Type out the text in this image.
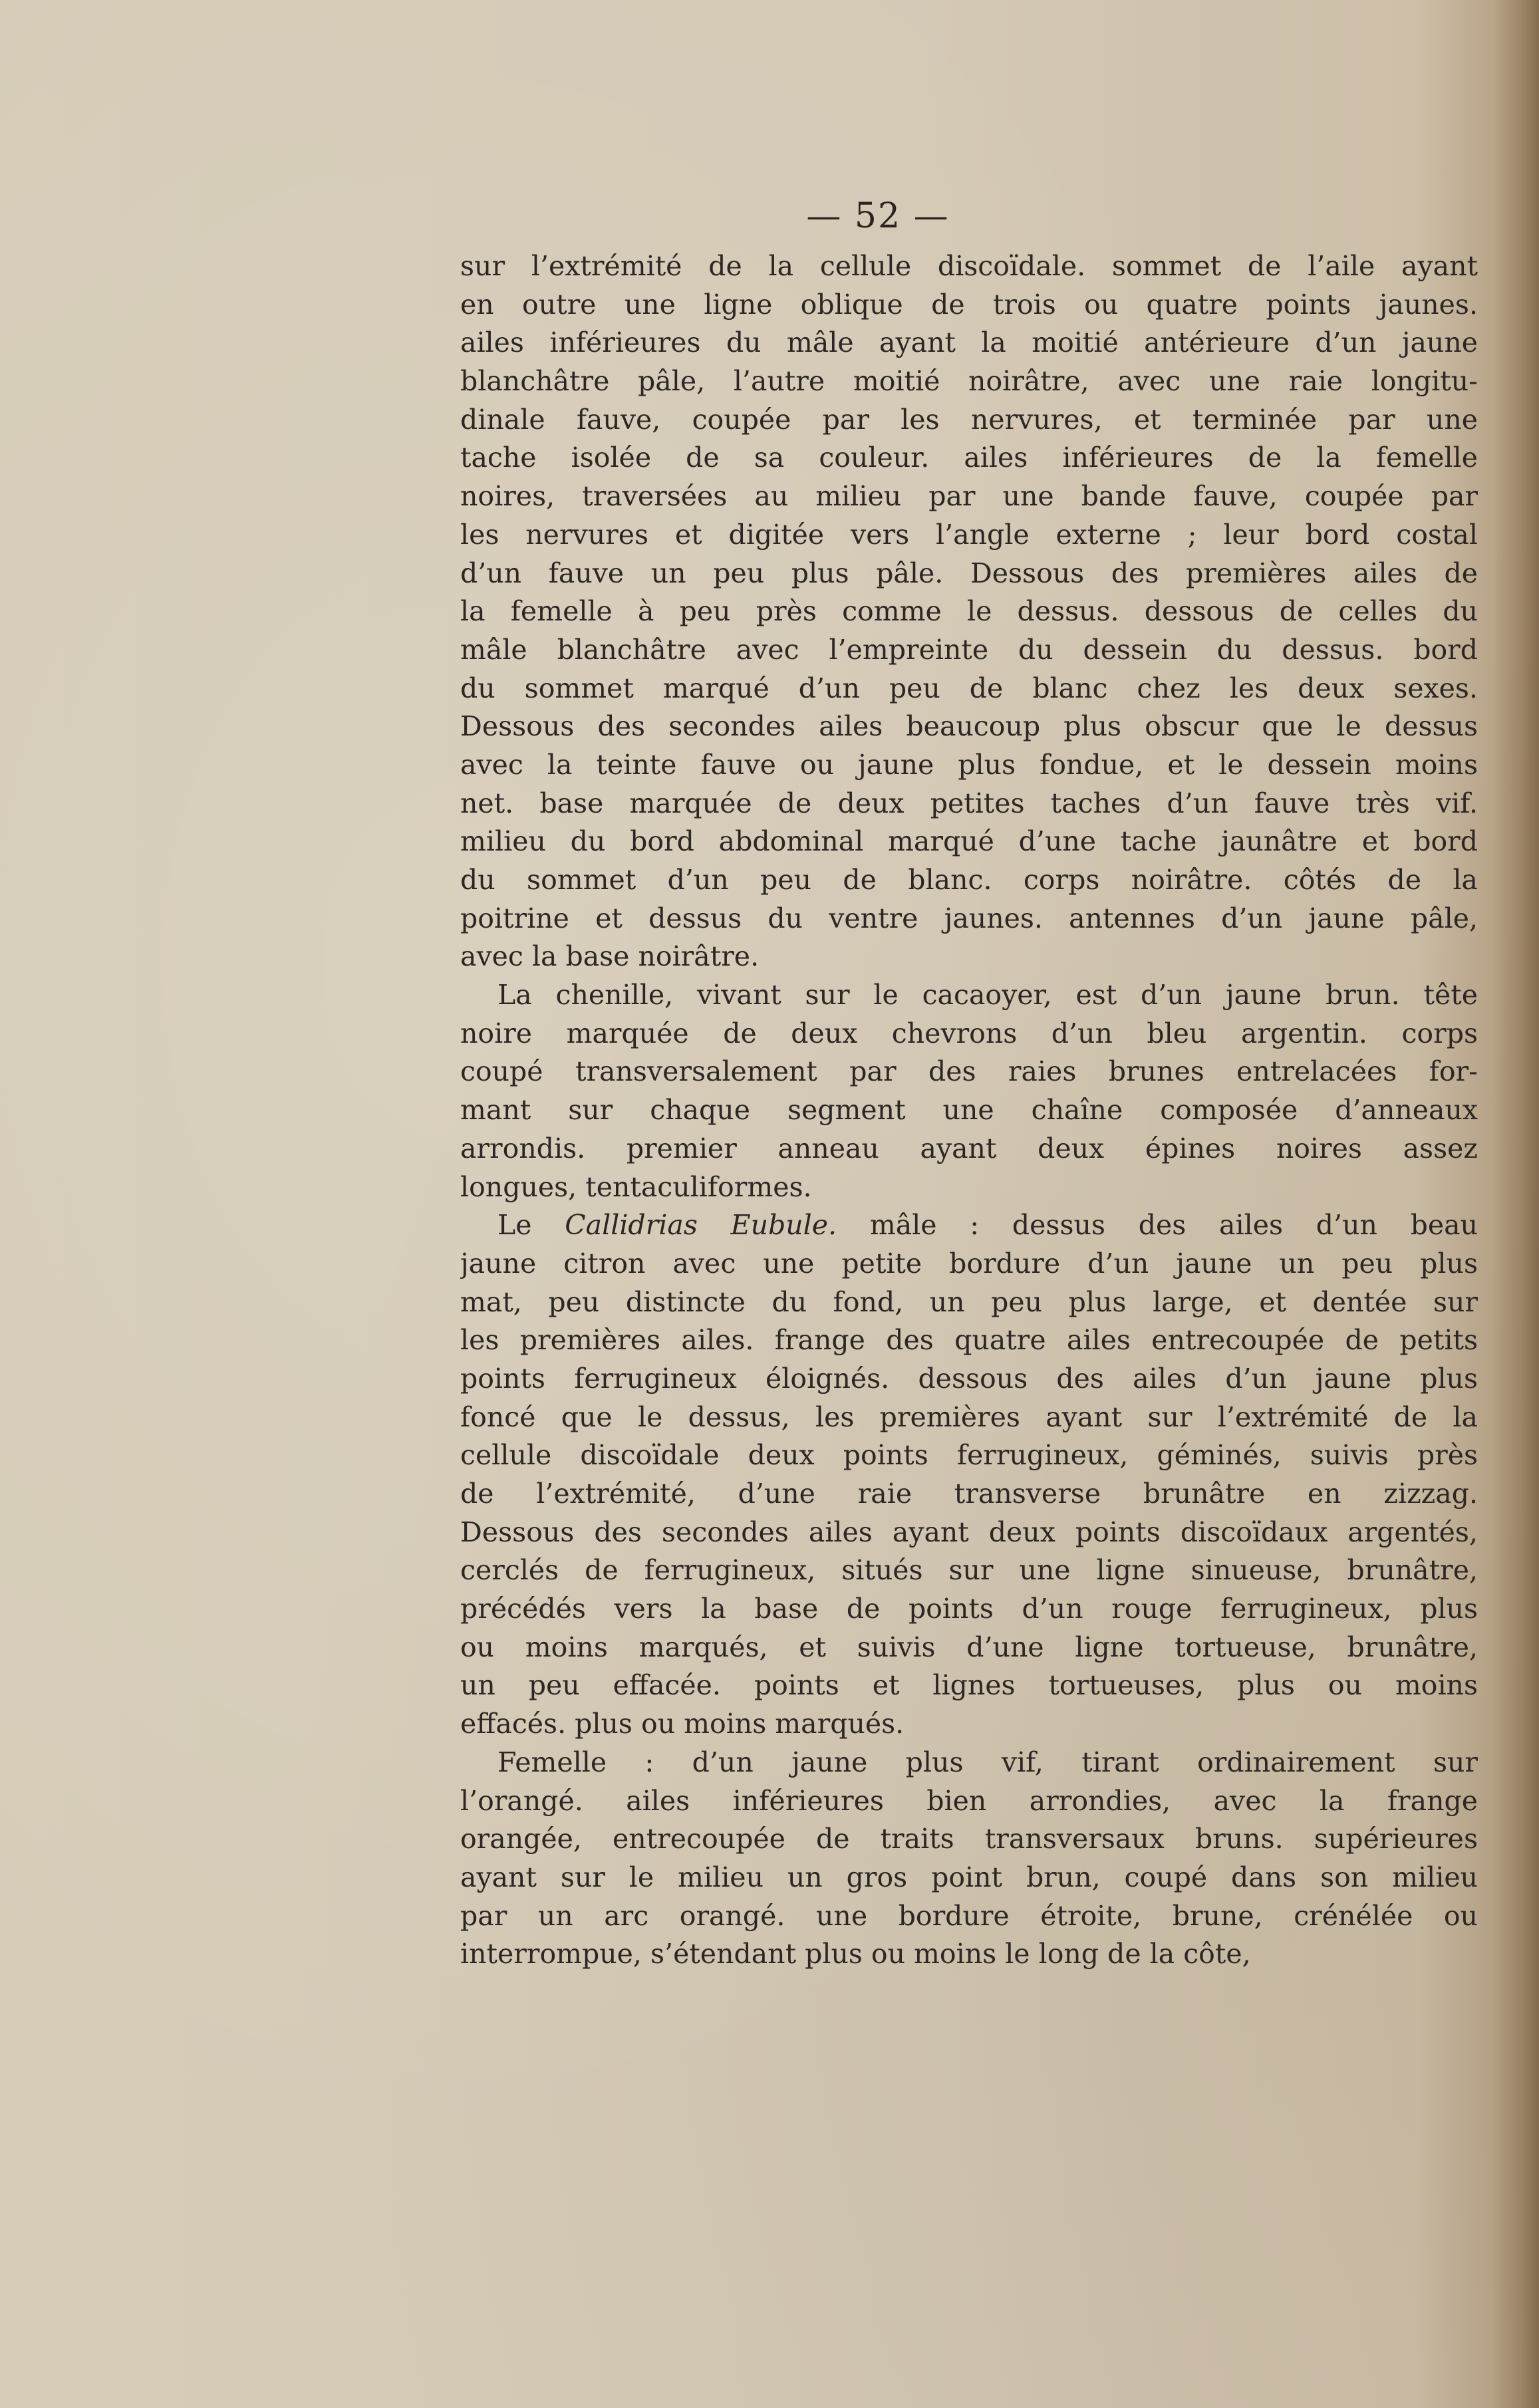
— 52 —
sur l’extrémité de la cellule discoïdale. sommet de l’aile ayant
en outre une ligne oblique de trois ou quatre points jaunes.
ailes inférieures du mâle ayant la moitié antérieure d’un jaune
blanchâtre pâle, l’autre moitié noirâtre, avec une raie longitu-
dinale fauve, coupée par les nervures, et terminée par une
tache isolée de sa couleur. ailes inférieures de la femelle
noires, traversées au milieu par une bande fauve, coupée par
les nervures et digitée vers l’angle externe ; leur bord costal
d’un fauve un peu plus pâle. Dessous des premières ailes de
la femelle à peu près comme le dessus. dessous de celles du
mâle blanchâtre avec l’empreinte du dessein du dessus. bord
du sommet marqué d’un peu de blanc chez les deux sexes.
Dessous des secondes ailes beaucoup plus obscur que le dessus
avec la teinte fauve ou jaune plus fondue, et le dessein moins
net. base marquée de deux petites taches d’un fauve très vif.
milieu du bord abdominal marqué d’une tache jaunâtre et bord
du sommet d’un peu de blanc. corps noirâtre. côtés de la
poitrine et dessus du ventre jaunes. antennes d’un jaune pâle,
avec la base noirâtre.
La chenille, vivant sur le cacaoyer, est d’un jaune brun. tête
noire marquée de deux chevrons d’un bleu argentin. corps
coupé transversalement par des raies brunes entrelacées for-
mant sur chaque segment une chaîne composée d’anneaux
arrondis. premier anneau ayant deux épines noires assez
longues, tentaculiformes.
Le Callidrias Eubule. mâle : dessus des ailes d’un beau
jaune citron avec une petite bordure d’un jaune un peu plus
mat, peu distincte du fond, un peu plus large, et dentée sur
les premières ailes. frange des quatre ailes entrecoupée de petits
points ferrugineux éloignés. dessous des ailes d’un jaune plus
foncé que le dessus, les premières ayant sur l’extrémité de la
cellule discoïdale deux points ferrugineux, géminés, suivis près
de l’extrémité, d’une raie transverse brunâtre en zizzag.
Dessous des secondes ailes ayant deux points discoïdaux argentés,
cerclés de ferrugineux, situés sur une ligne sinueuse, brunâtre,
précédés vers la base de points d’un rouge ferrugineux, plus
ou moins marqués, et suivis d’une ligne tortueuse, brunâtre,
un peu effacée. points et lignes tortueuses, plus ou moins
effacés. plus ou moins marqués.
Femelle : d’un jaune plus vif, tirant ordinairement sur
l’orangé. ailes inférieures bien arrondies, avec la frange
orangée, entrecoupée de traits transversaux bruns. supérieures
ayant sur le milieu un gros point brun, coupé dans son milieu
par un arc orangé. une bordure étroite, brune, crénélée ou
interrompue, s’étendant plus ou moins le long de la côte,
